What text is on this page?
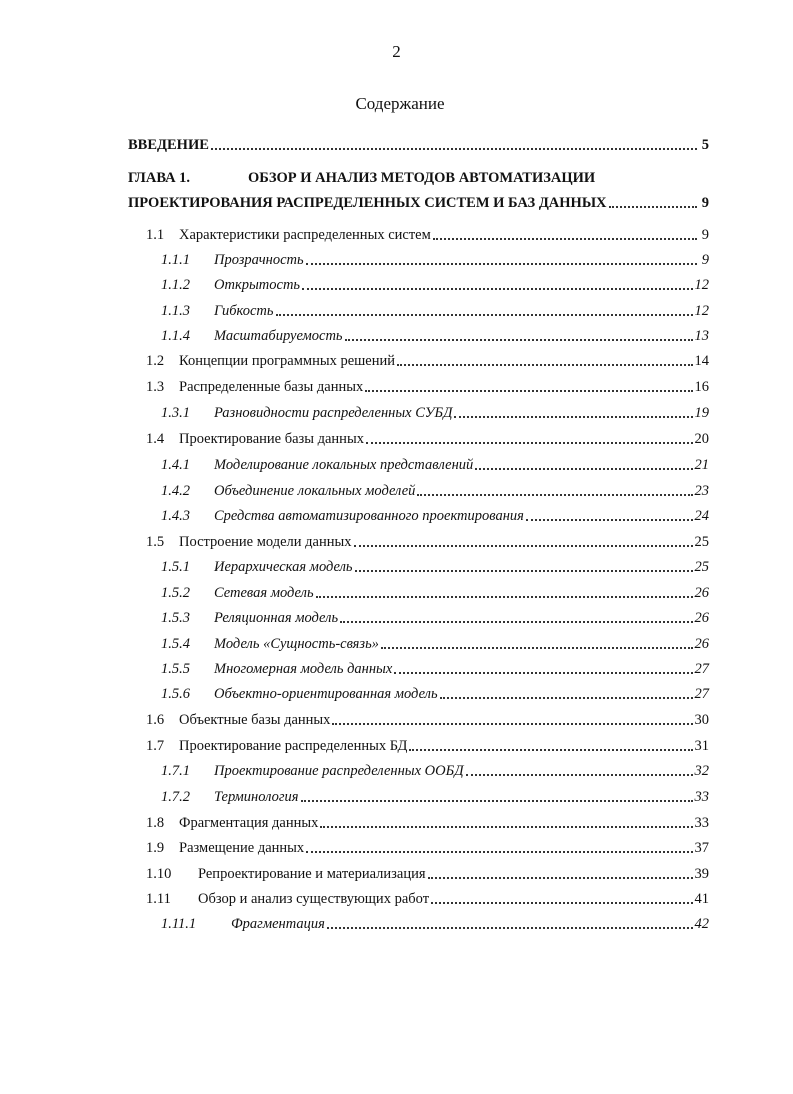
2
Содержание
ВВЕДЕНИЕ	5
ГЛАВА 1.	ОБЗОР И АНАЛИЗ МЕТОДОВ АВТОМАТИЗАЦИИ
ПРОЕКТИРОВАНИЯ РАСПРЕДЕЛЕННЫХ СИСТЕМ И БАЗ ДАННЫХ	9
1.1	Характеристики распределенных систем	9
1.1.1	Прозрачность	9
1.1.2	Открытость	12
1.1.3	Гибкость	12
1.1.4	Масштабируемость	13
1.2	Концепции программных решений	14
1.3	Распределенные базы данных	16
1.3.1	Разновидности распределенных СУБД	19
1.4	Проектирование базы данных	20
1.4.1	Моделирование локальных представлений	21
1.4.2	Объединение локальных моделей	23
1.4.3	Средства автоматизированного проектирования	24
1.5	Построение модели данных	25
1.5.1	Иерархическая модель	25
1.5.2	Сетевая модель	26
1.5.3	Реляционная модель	26
1.5.4	Модель «Сущность-связь»	26
1.5.5	Многомерная модель данных	27
1.5.6	Объектно-ориентированная модель	27
1.6	Объектные базы данных	30
1.7	Проектирование распределенных БД	31
1.7.1	Проектирование распределенных ООБД	32
1.7.2	Терминология	33
1.8	Фрагментация данных	33
1.9	Размещение данных	37
1.10	Репроектирование и материализация	39
1.11	Обзор и анализ существующих работ	41
1.11.1	Фрагментация	42
